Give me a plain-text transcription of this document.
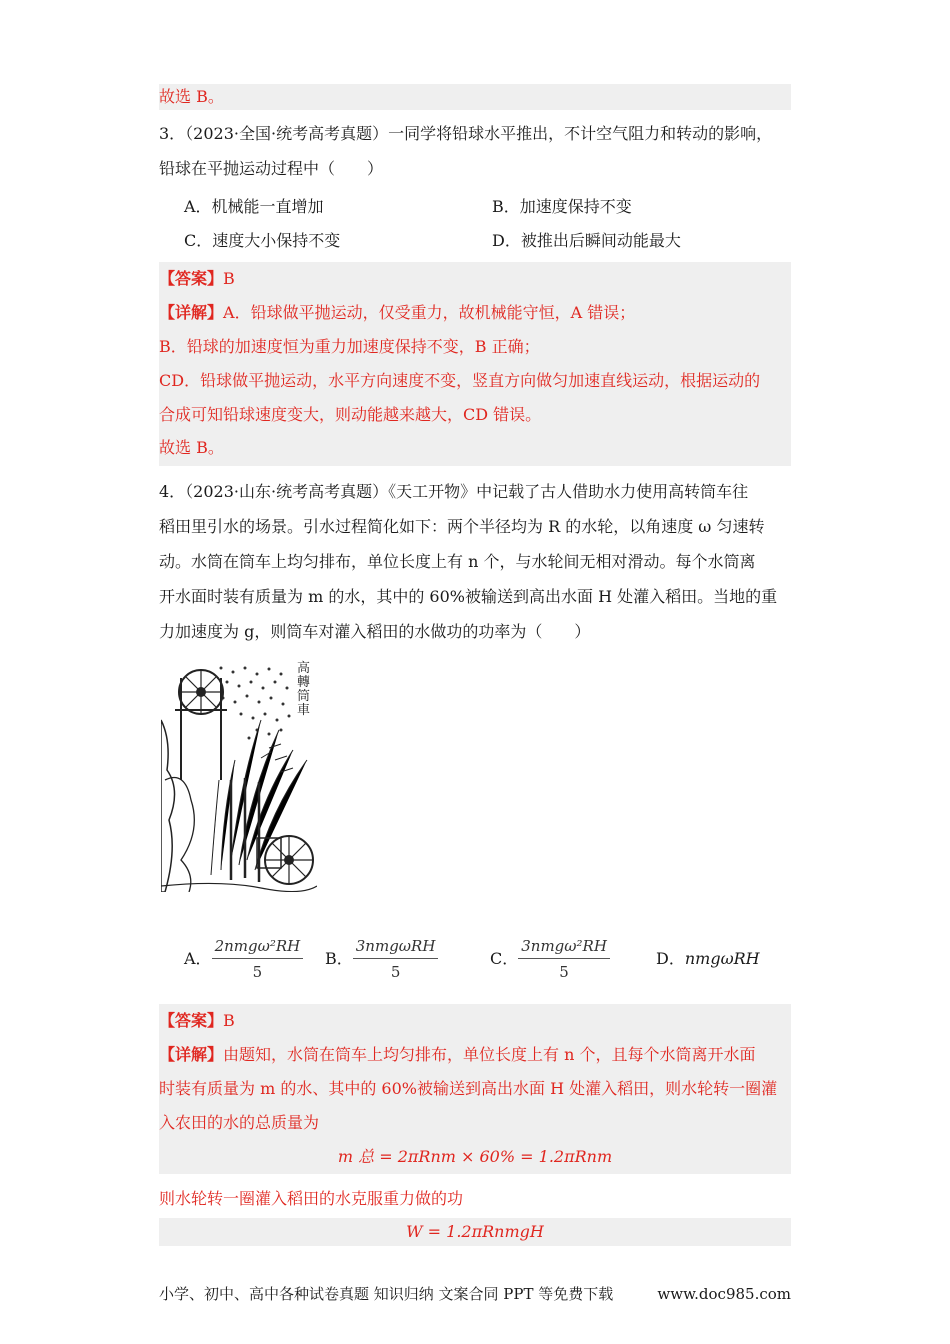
故选 B。
3．（2023·全国·统考高考真题）一同学将铅球水平推出，不计空气阻力和转动的影响，
铅球在平抛运动过程中（　　）
A．机械能一直增加	B．加速度保持不变
C．速度大小保持不变	D．被推出后瞬间动能最大
【答案】B
【详解】A．铅球做平抛运动，仅受重力，故机械能守恒，A 错误；
B．铅球的加速度恒为重力加速度保持不变，B 正确；
CD．铅球做平抛运动，水平方向速度不变，竖直方向做匀加速直线运动，根据运动的
合成可知铅球速度变大，则动能越来越大，CD 错误。
故选 B。
4．（2023·山东·统考高考真题）《天工开物》中记载了古人借助水力使用高转筒车往
稻田里引水的场景。引水过程简化如下：两个半径均为 R 的水轮，以角速度 ω 匀速转
动。水筒在筒车上均匀排布，单位长度上有 n 个，与水轮间无相对滑动。每个水筒离
开水面时装有质量为 m 的水，其中的 60%被输送到高出水面 H 处灌入稻田。当地的重
力加速度为 g，则筒车对灌入稻田的水做功的功率为（　　）
高轉筒車
A． $\frac{\text{2nmgω²RH}}{5}$ B． $\frac{\text{3nmgωRH}}{5}$	C． $\frac{\text{3nmgω²RH}}{5}$	D．nmgωRH
【答案】B
【详解】由题知，水筒在筒车上均匀排布，单位长度上有 n 个，且每个水筒离开水面
时装有质量为 m 的水、其中的 60%被输送到高出水面 H 处灌入稻田，则水轮转一圈灌
入农田的水的总质量为
m 总 = 2πRnm × 60% = 1.2πRnm
则水轮转一圈灌入稻田的水克服重力做的功
W = 1.2πRnmgH
小学、初中、高中各种试卷真题 知识归纳 文案合同 PPT 等免费下载	www.doc985.com
